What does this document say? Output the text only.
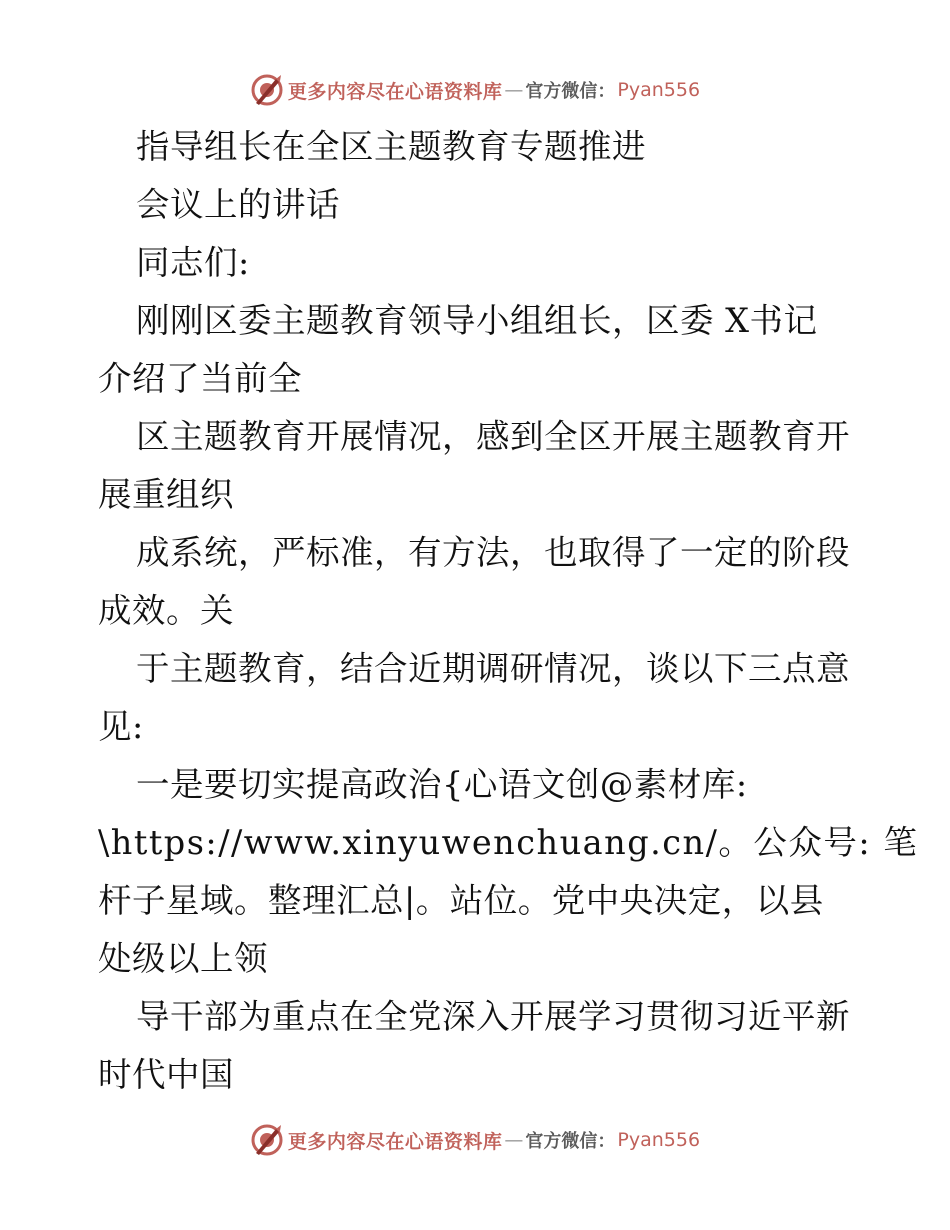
更多内容尽在心语资料库 — 官方微信： Pyan556
指导组长在全区主题教育专题推进
会议上的讲话
同志们:
刚刚区委主题教育领导小组组长，区委 X书记
介绍了当前全
区主题教育开展情况，感到全区开展主题教育开
展重组织
成系统，严标准，有方法，也取得了一定的阶段
成效。关
于主题教育，结合近期调研情况，谈以下三点意
见:
一是要切实提高政治{心语文创@素材库:
\https://www.xinyuwenchuang.cn/。公众号: 笔
杆子星域。整理汇总|。站位。党中央决定，以县
处级以上领
导干部为重点在全党深入开展学习贯彻习近平新
时代中国
更多内容尽在心语资料库 — 官方微信： Pyan556
